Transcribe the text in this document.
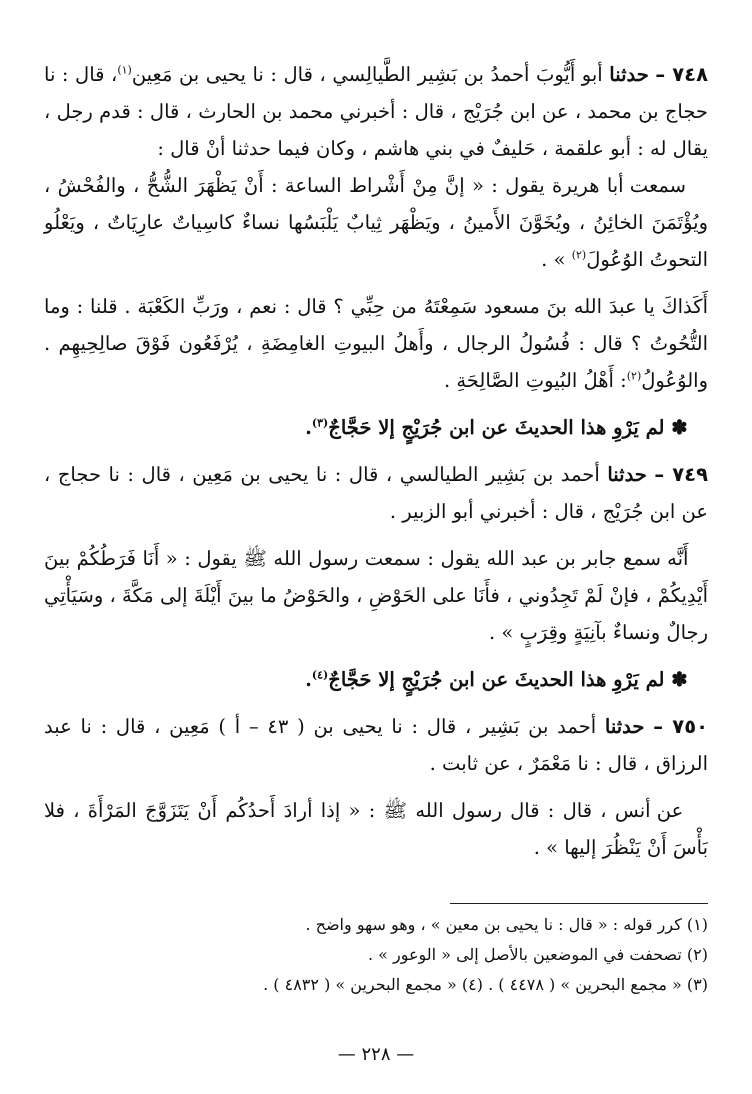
٧٤٨ – حدثنا أبو أَيُّوبَ أحمدُ بن بَشِير الطَّيالِسي ، قال : نا يحيى بن مَعِين$^{(١)}$، قال : نا حجاج بن محمد ، عن ابن جُرَيْج ، قال : أخبرني محمد بن الحارث ، قال : قدم رجل ، يقال له : أبو علقمة ، حَليفٌ في بني هاشم ، وكان فيما حدثنا أنْ قال :

سمعت أبا هريرة يقول : « إنَّ مِنْ أَشْراط الساعة : أَنْ يَظْهَرَ الشُّحُّ ، والفُحْشُ ، ويُؤْتَمَنَ الخائِنُ ، ويُخَوَّنَ الأَمينُ ، ويَظْهَر ثِيابٌ يَلْبَسُها نساءٌ كاسِياتٌ عارِيَاتٌ ، ويَعْلُو التحوتُ الوُعُولَ$^{(٢)}$ » .

أَكَذاكَ يا عبدَ الله بنَ مسعود سَمِعْتَهُ من حِبِّي ؟ قال : نعم ، ورَبِّ الكَعْبَة . قلنا : وما التُّحُوتُ ؟ قال : فُسُولُ الرجال ، وأَهلُ البيوتِ الغامِضَةِ ، يُرْفَعُون فَوْقَ صالِحِيهِم . والوُعُولُ$^{(٢)}$: أَهْلُ البُيوتِ الصَّالِحَةِ .

✽ لم يَرْوِ هذا الحديثَ عن ابن جُرَيْجٍ إلا حَجَّاجٌ$^{(٣)}$.

٧٤٩ – حدثنا أحمد بن بَشِير الطيالسي ، قال : نا يحيى بن مَعِين ، قال : نا حجاج ، عن ابن جُرَيْج ، قال : أخبرني أبو الزبير .

أَنَّه سمع جابر بن عبد الله يقول : سمعت رسول الله ﷺ يقول : « أَنَا فَرَطُكُمْ بينَ أَيْدِيكُمْ ، فإنْ لَمْ تَجِدُوني ، فأَنَا على الحَوْضِ ، والحَوْضُ ما بينَ أَيْلَةَ إلى مَكَّةَ ، وسَيَأْتِي رجالٌ ونساءٌ بآنِيَةٍ وقِرَبٍ » .

✽ لم يَرْوِ هذا الحديثَ عن ابن جُرَيْجٍ إلا حَجَّاجٌ$^{(٤)}$.

٧٥٠ – حدثنا أحمد بن بَشِير ، قال : نا يحيى بن ( ٤٣ – أ ) مَعِين ، قال : نا عبد الرزاق ، قال : نا مَعْمَرٌ ، عن ثابت .

عن أنس ، قال : قال رسول الله ﷺ : « إذا أرادَ أَحدُكُم أَنْ يَتَزَوَّجَ المَرْأَةَ ، فلا بَأْسَ أَنْ يَنْظُرَ إليها » .

(١) كرر قوله : « قال : نا يحيى بن معين » ، وهو سهو واضح .

(٢) تصحفت في الموضعين بالأصل إلى « الوعور » .

(٣) « مجمع البحرين » ( ٤٤٧٨ ) . (٤) « مجمع البحرين » ( ٤٨٣٢ ) .

— ٢٢٨ —
